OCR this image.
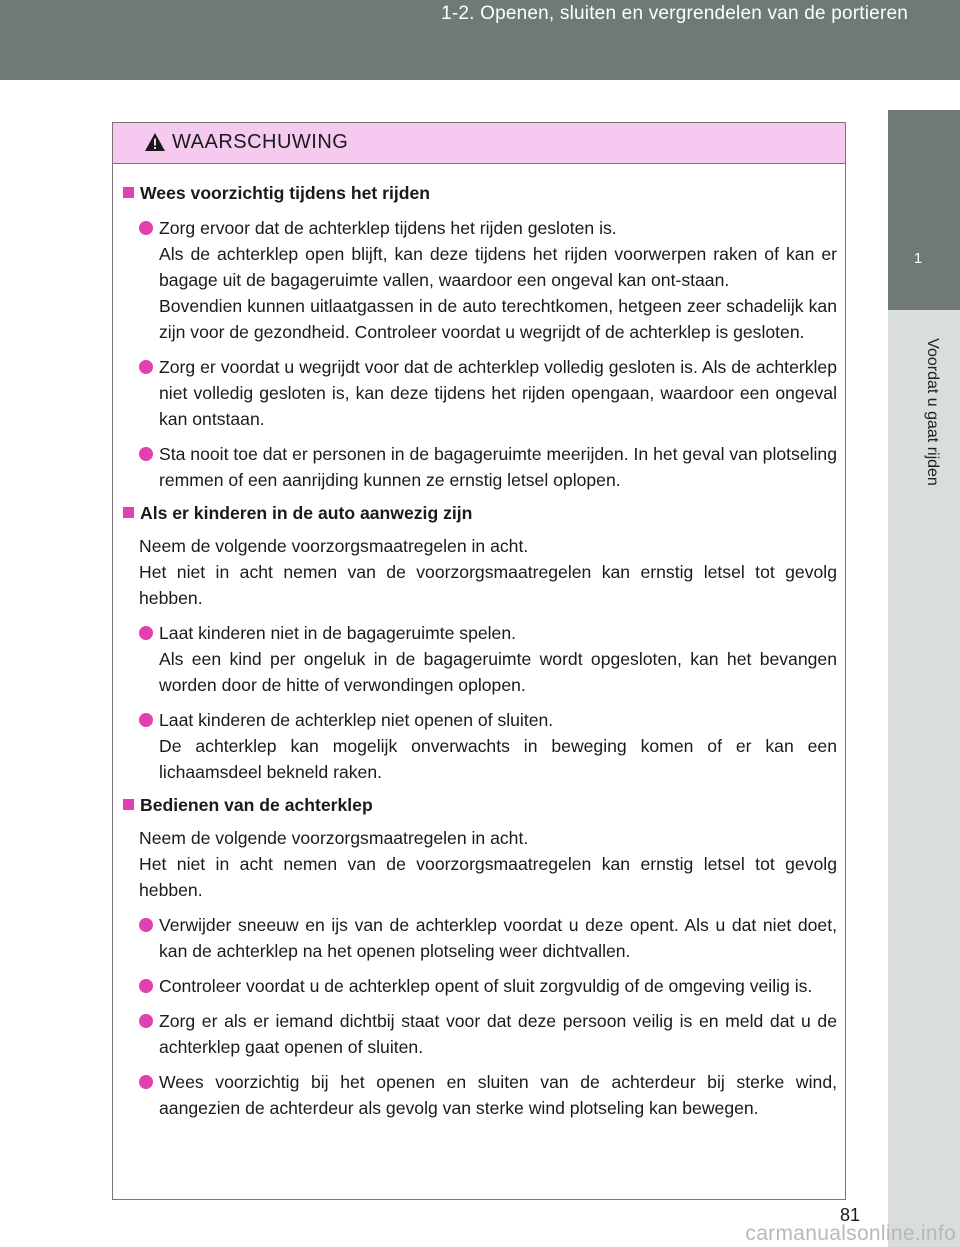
1-2. Openen, sluiten en vergrendelen van de portieren
1
Voordat u gaat rijden
WAARSCHUWING
Wees voorzichtig tijdens het rijden
Zorg ervoor dat de achterklep tijdens het rijden gesloten is.
Als de achterklep open blijft, kan deze tijdens het rijden voorwerpen raken of kan er bagage uit de bagageruimte vallen, waardoor een ongeval kan ont-staan.
Bovendien kunnen uitlaatgassen in de auto terechtkomen, hetgeen zeer schadelijk kan zijn voor de gezondheid. Controleer voordat u wegrijdt of de achterklep is gesloten.
Zorg er voordat u wegrijdt voor dat de achterklep volledig gesloten is. Als de achterklep niet volledig gesloten is, kan deze tijdens het rijden opengaan, waardoor een ongeval kan ontstaan.
Sta nooit toe dat er personen in de bagageruimte meerijden. In het geval van plotseling remmen of een aanrijding kunnen ze ernstig letsel oplopen.
Als er kinderen in de auto aanwezig zijn
Neem de volgende voorzorgsmaatregelen in acht.
Het niet in acht nemen van de voorzorgsmaatregelen kan ernstig letsel tot gevolg hebben.
Laat kinderen niet in de bagageruimte spelen.
Als een kind per ongeluk in de bagageruimte wordt opgesloten, kan het bevangen worden door de hitte of verwondingen oplopen.
Laat kinderen de achterklep niet openen of sluiten.
De achterklep kan mogelijk onverwachts in beweging komen of er kan een lichaamsdeel bekneld raken.
Bedienen van de achterklep
Neem de volgende voorzorgsmaatregelen in acht.
Het niet in acht nemen van de voorzorgsmaatregelen kan ernstig letsel tot gevolg hebben.
Verwijder sneeuw en ijs van de achterklep voordat u deze opent. Als u dat niet doet, kan de achterklep na het openen plotseling weer dichtvallen.
Controleer voordat u de achterklep opent of sluit zorgvuldig of de omgeving veilig is.
Zorg er als er iemand dichtbij staat voor dat deze persoon veilig is en meld dat u de achterklep gaat openen of sluiten.
Wees voorzichtig bij het openen en sluiten van de achterdeur bij sterke wind, aangezien de achterdeur als gevolg van sterke wind plotseling kan bewegen.
81
carmanualsonline.info
